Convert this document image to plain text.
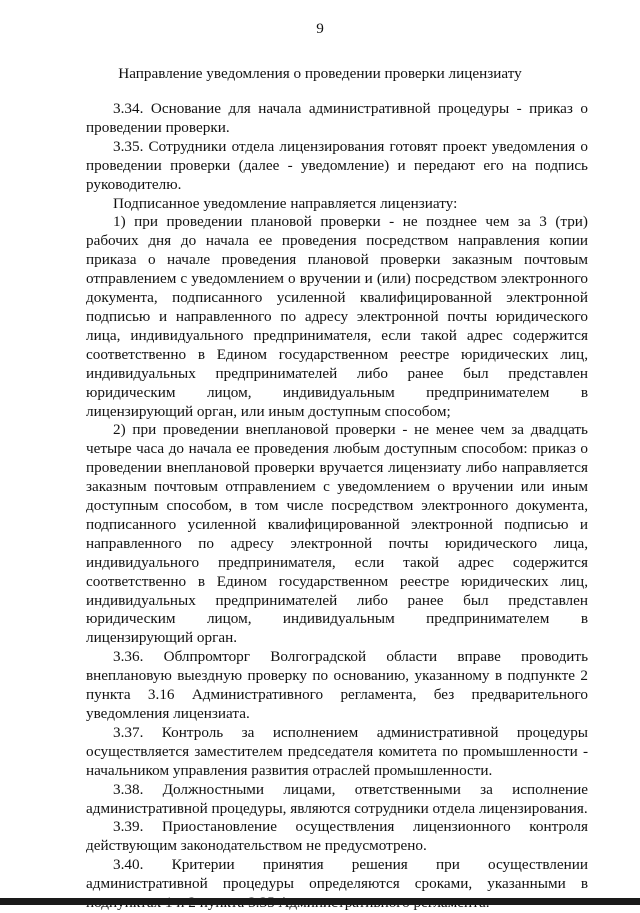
9
Направление уведомления о проведении проверки лицензиату

3.34. Основание для начала административной процедуры - приказ о проведении проверки.

3.35. Сотрудники отдела лицензирования готовят проект уведомления о проведении проверки (далее - уведомление) и передают его на подпись руководителю.

Подписанное уведомление направляется лицензиату:

1) при проведении плановой проверки - не позднее чем за 3 (три) рабочих дня до начала ее проведения посредством направления копии приказа о начале проведения плановой проверки заказным почтовым отправлением с уведомлением о вручении и (или) посредством электронного документа, подписанного усиленной квалифицированной электронной подписью и направленного по адресу электронной почты юридического лица, индивидуального предпринимателя, если такой адрес содержится соответственно в Едином государственном реестре юридических лиц, индивидуальных предпринимателей либо ранее был представлен юридическим лицом, индивидуальным предпринимателем в лицензирующий орган, или иным доступным способом;

2) при проведении внеплановой проверки - не менее чем за двадцать четыре часа до начала ее проведения любым доступным способом: приказ о проведении внеплановой проверки вручается лицензиату либо направляется заказным почтовым отправлением с уведомлением о вручении или иным доступным способом, в том числе посредством электронного документа, подписанного усиленной квалифицированной электронной подписью и направленного по адресу электронной почты юридического лица, индивидуального предпринимателя, если такой адрес содержится соответственно в Едином государственном реестре юридических лиц, индивидуальных предпринимателей либо ранее был представлен юридическим лицом, индивидуальным предпринимателем в лицензирующий орган.

3.36. Облпромторг Волгоградской области вправе проводить внеплановую выездную проверку по основанию, указанному в подпункте 2 пункта 3.16 Административного регламента, без предварительного уведомления лицензиата.

3.37. Контроль за исполнением административной процедуры осуществляется заместителем председателя комитета по промышленности - начальником управления развития отраслей промышленности.

3.38. Должностными лицами, ответственными за исполнение административной процедуры, являются сотрудники отдела лицензирования.

3.39. Приостановление осуществления лицензионного контроля действующим законодательством не предусмотрено.

3.40. Критерии принятия решения при осуществлении административной процедуры определяются сроками, указанными в
